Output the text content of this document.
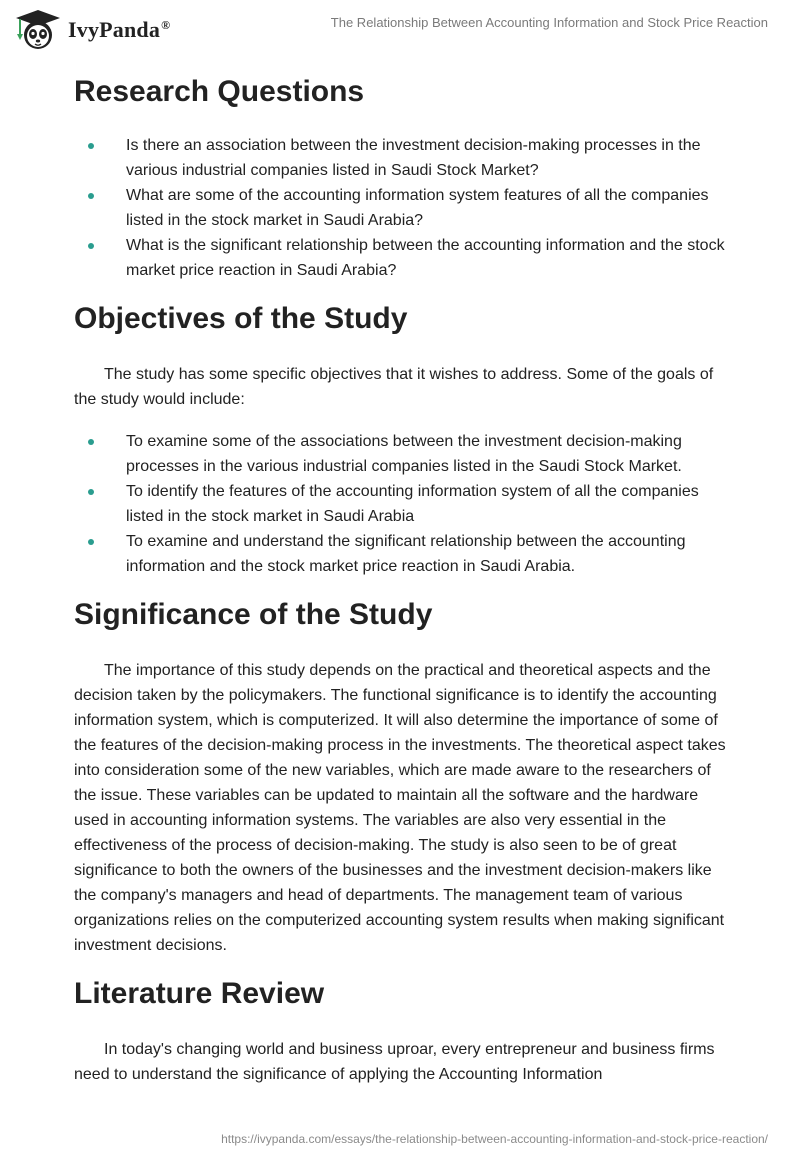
IvyPanda®	The Relationship Between Accounting Information and Stock Price Reaction
Research Questions
Is there an association between the investment decision-making processes in the various industrial companies listed in Saudi Stock Market?
What are some of the accounting information system features of all the companies listed in the stock market in Saudi Arabia?
What is the significant relationship between the accounting information and the stock market price reaction in Saudi Arabia?
Objectives of the Study

The study has some specific objectives that it wishes to address. Some of the goals of the study would include:

To examine some of the associations between the investment decision-making processes in the various industrial companies listed in the Saudi Stock Market.
To identify the features of the accounting information system of all the companies listed in the stock market in Saudi Arabia
To examine and understand the significant relationship between the accounting information and the stock market price reaction in Saudi Arabia.
Significance of the Study

The importance of this study depends on the practical and theoretical aspects and the decision taken by the policymakers. The functional significance is to identify the accounting information system, which is computerized. It will also determine the importance of some of the features of the decision-making process in the investments. The theoretical aspect takes into consideration some of the new variables, which are made aware to the researchers of the issue. These variables can be updated to maintain all the software and the hardware used in accounting information systems. The variables are also very essential in the effectiveness of the process of decision-making. The study is also seen to be of great significance to both the owners of the businesses and the investment decision-makers like the company's managers and head of departments. The management team of various organizations relies on the computerized accounting system results when making significant investment decisions.

Literature Review

In today's changing world and business uproar, every entrepreneur and business firms need to understand the significance of applying the Accounting Information

https://ivypanda.com/essays/the-relationship-between-accounting-information-and-stock-price-reaction/
